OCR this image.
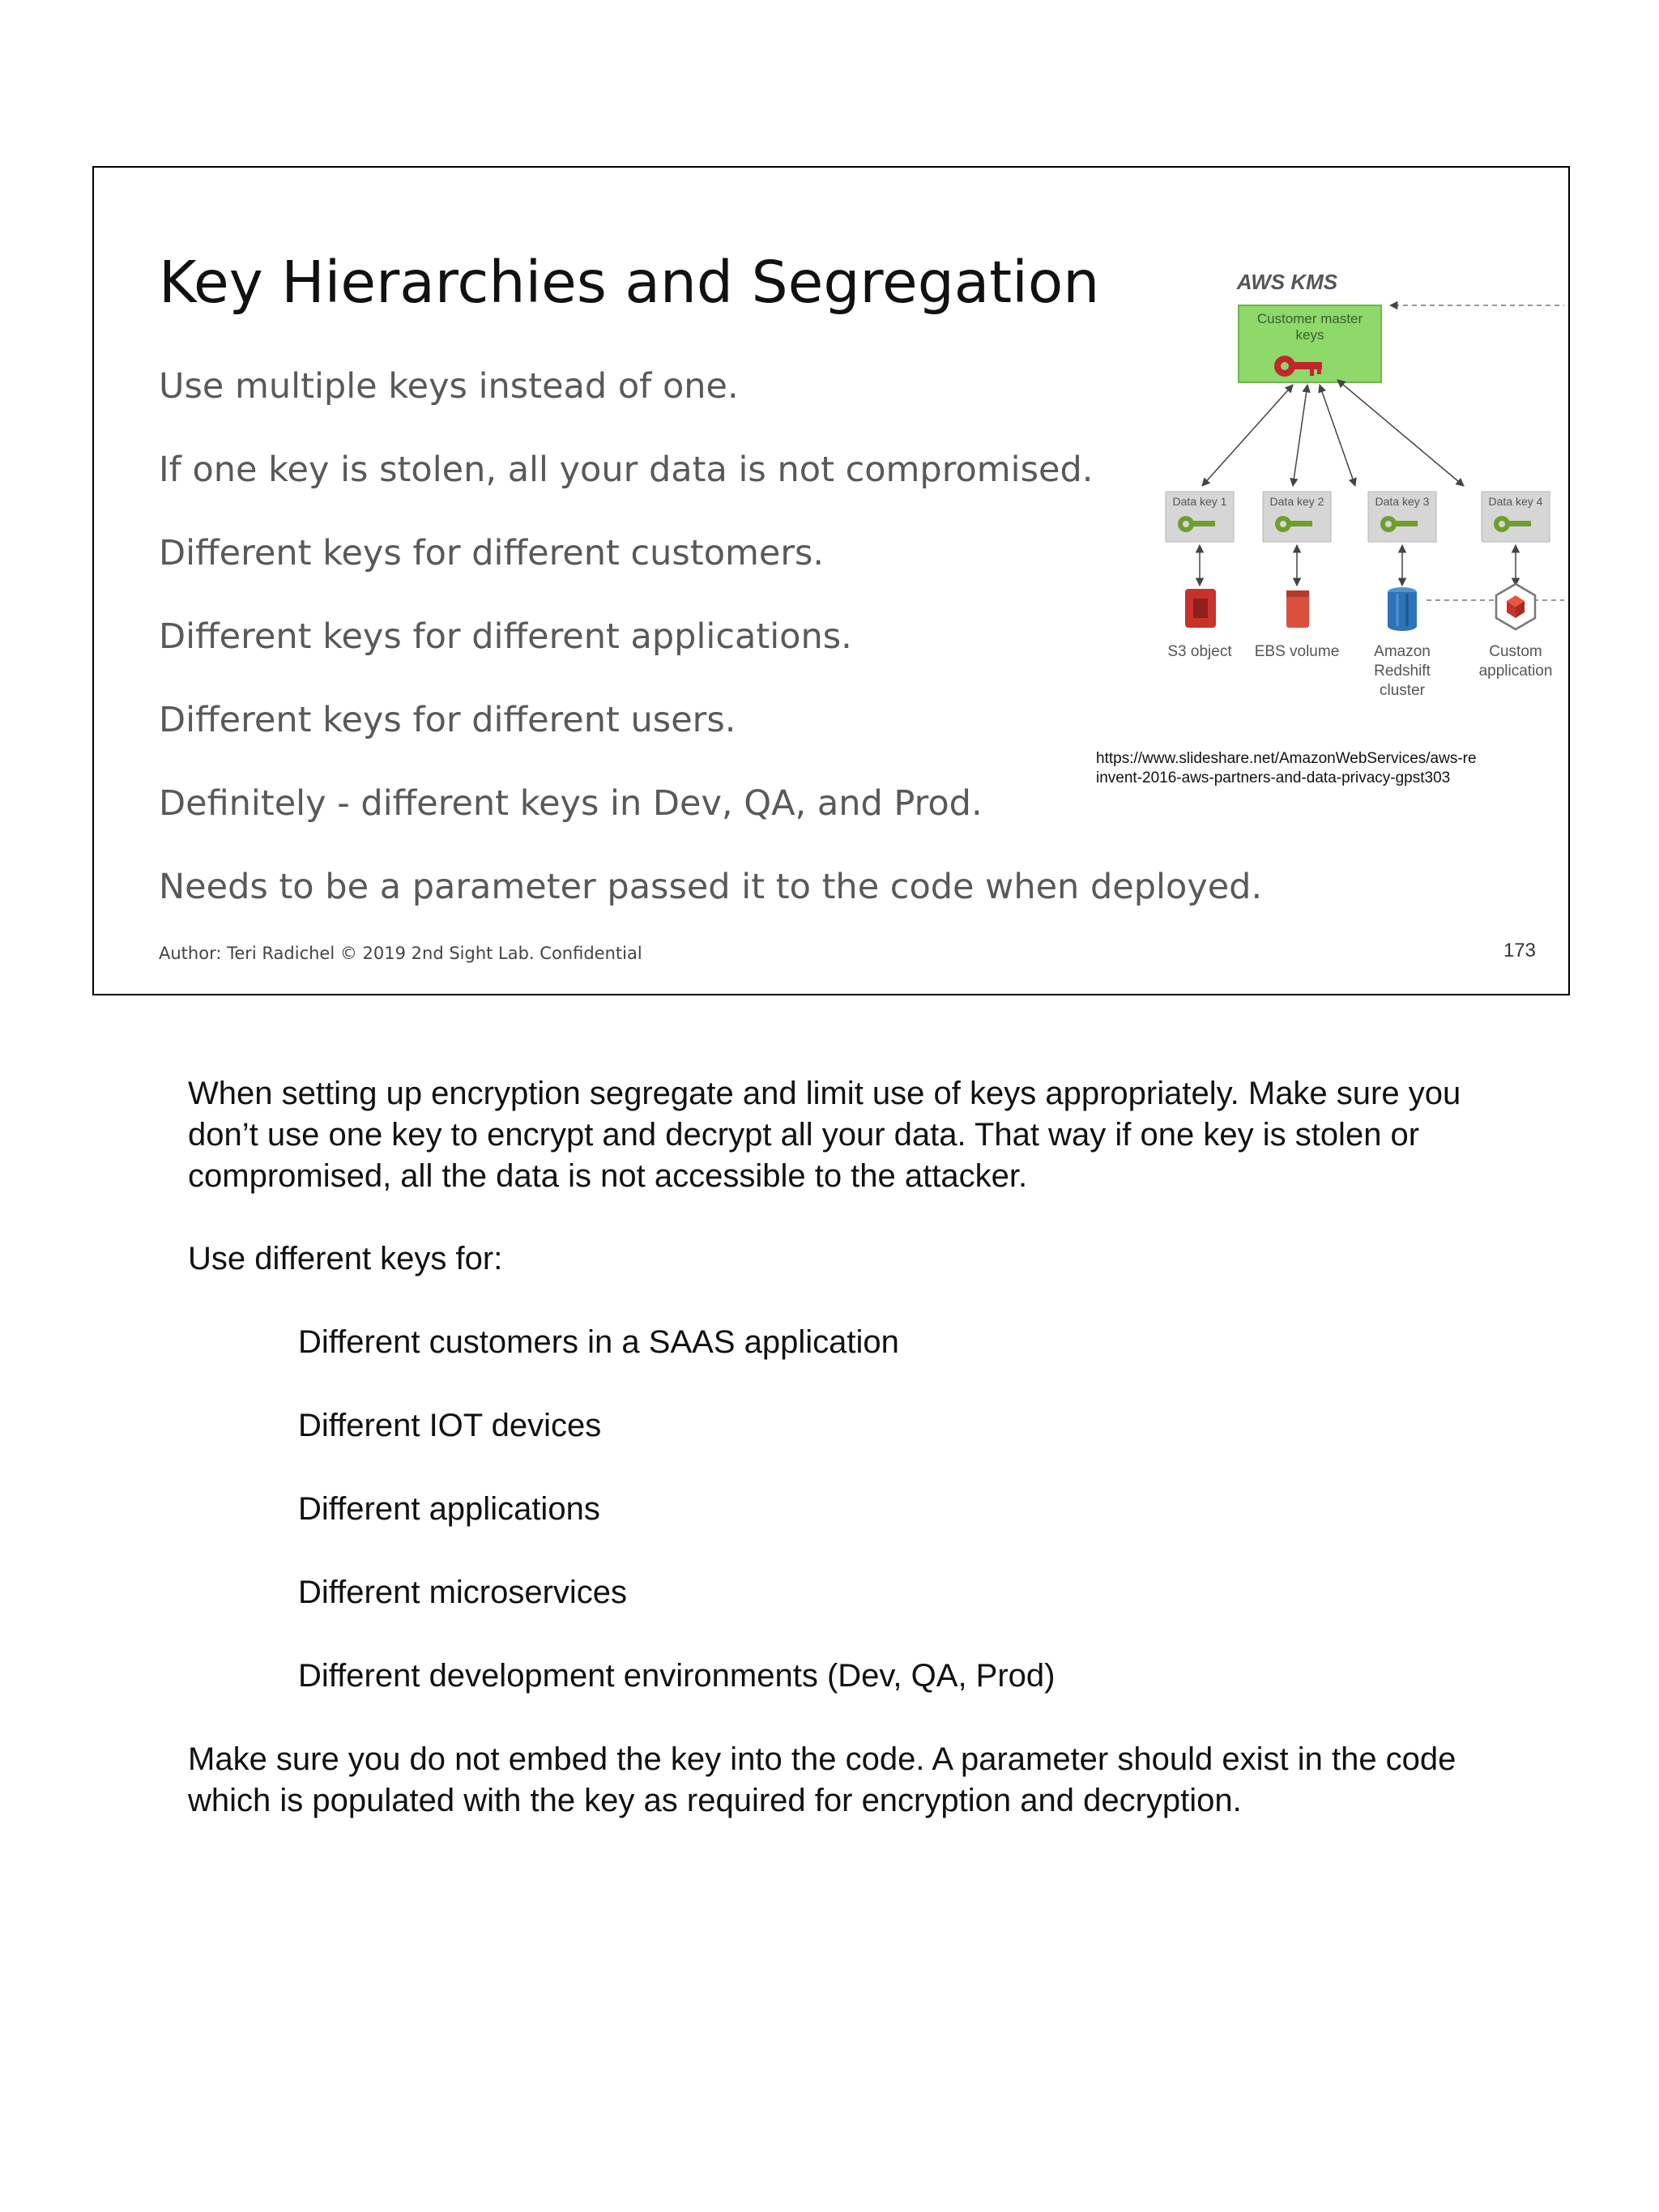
Key Hierarchies and Segregation
Use multiple keys instead of one.
If one key is stolen, all your data is not compromised.
Different keys for different customers.
Different keys for different applications.
Different keys for different users.
Definitely - different keys in Dev, QA, and Prod.
Needs to be a parameter passed it to the code when deployed.
AWS KMS
Customer master
keys
Data key 1	Data key 2	Data key 3	Data key 4
S3 object EBS volume Amazon
Redshift
cluster
Custom
application
https://www.slideshare.net/AmazonWebServices/aws-reinvent-2016-aws-partners-and-data-privacy-gpst303
Author: Teri Radichel © 2019 2nd Sight Lab. Confidential	173

When setting up encryption segregate and limit use of keys appropriately. Make sure you don’t use one key to encrypt and decrypt all your data. That way if one key is stolen or compromised, all the data is not accessible to the attacker.

Use different keys for:

Different customers in a SAAS application
Different IOT devices
Different applications
Different microservices
Different development environments (Dev, QA, Prod)

Make sure you do not embed the key into the code. A parameter should exist in the code which is populated with the key as required for encryption and decryption.
